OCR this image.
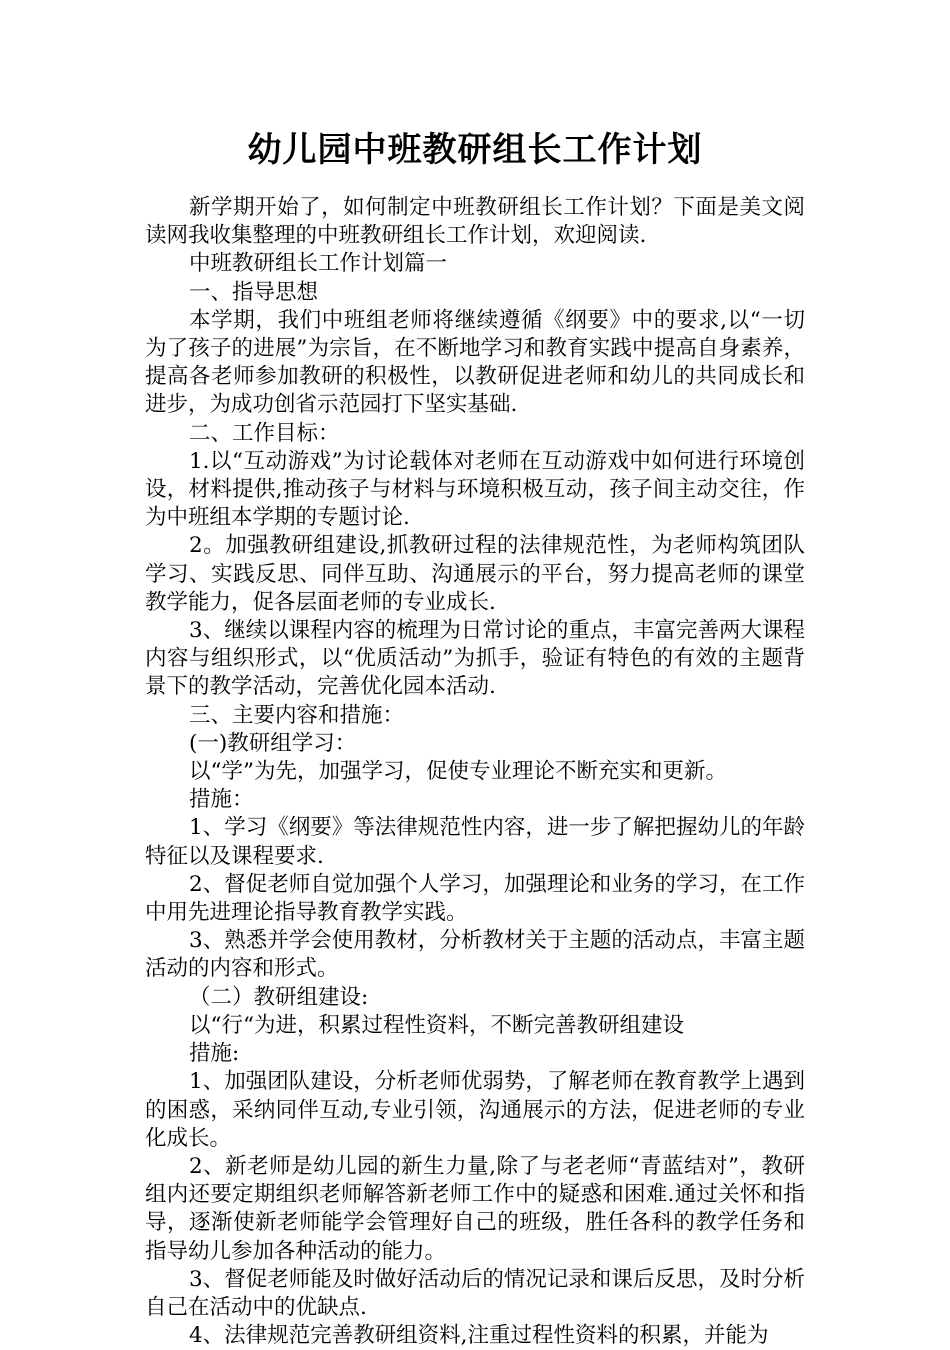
幼儿园中班教研组长工作计划

新学期开始了，如何制定中班教研组长工作计划？下面是美文阅读网我收集整理的中班教研组长工作计划，欢迎阅读.

中班教研组长工作计划篇一

一、指导思想

本学期，我们中班组老师将继续遵循《纲要》中的要求,以“一切为了孩子的进展”为宗旨，在不断地学习和教育实践中提高自身素养，提高各老师参加教研的积极性，以教研促进老师和幼儿的共同成长和进步，为成功创省示范园打下坚实基础.

二、工作目标：

1.以“互动游戏”为讨论载体对老师在互动游戏中如何进行环境创设，材料提供,推动孩子与材料与环境积极互动，孩子间主动交往，作为中班组本学期的专题讨论.

2。加强教研组建设,抓教研过程的法律规范性，为老师构筑团队学习、实践反思、同伴互助、沟通展示的平台，努力提高老师的课堂教学能力，促各层面老师的专业成长.

3、继续以课程内容的梳理为日常讨论的重点，丰富完善两大课程内容与组织形式，以“优质活动”为抓手，验证有特色的有效的主题背景下的教学活动，完善优化园本活动.

三、主要内容和措施：

(一)教研组学习：

以“学”为先，加强学习，促使专业理论不断充实和更新。

措施：

1、学习《纲要》等法律规范性内容，进一步了解把握幼儿的年龄特征以及课程要求.

2、督促老师自觉加强个人学习，加强理论和业务的学习，在工作中用先进理论指导教育教学实践。

3、熟悉并学会使用教材，分析教材关于主题的活动点，丰富主题活动的内容和形式。

（二）教研组建设:

以“行“为进，积累过程性资料，不断完善教研组建设

措施:

1、加强团队建设，分析老师优弱势，了解老师在教育教学上遇到的困惑，采纳同伴互动,专业引领，沟通展示的方法，促进老师的专业化成长。

2、新老师是幼儿园的新生力量,除了与老老师“青蓝结对”，教研组内还要定期组织老师解答新老师工作中的疑惑和困难.通过关怀和指导，逐渐使新老师能学会管理好自己的班级，胜任各科的教学任务和指导幼儿参加各种活动的能力。

3、督促老师能及时做好活动后的情况记录和课后反思，及时分析自己在活动中的优缺点.

4、法律规范完善教研组资料,注重过程性资料的积累，并能为
